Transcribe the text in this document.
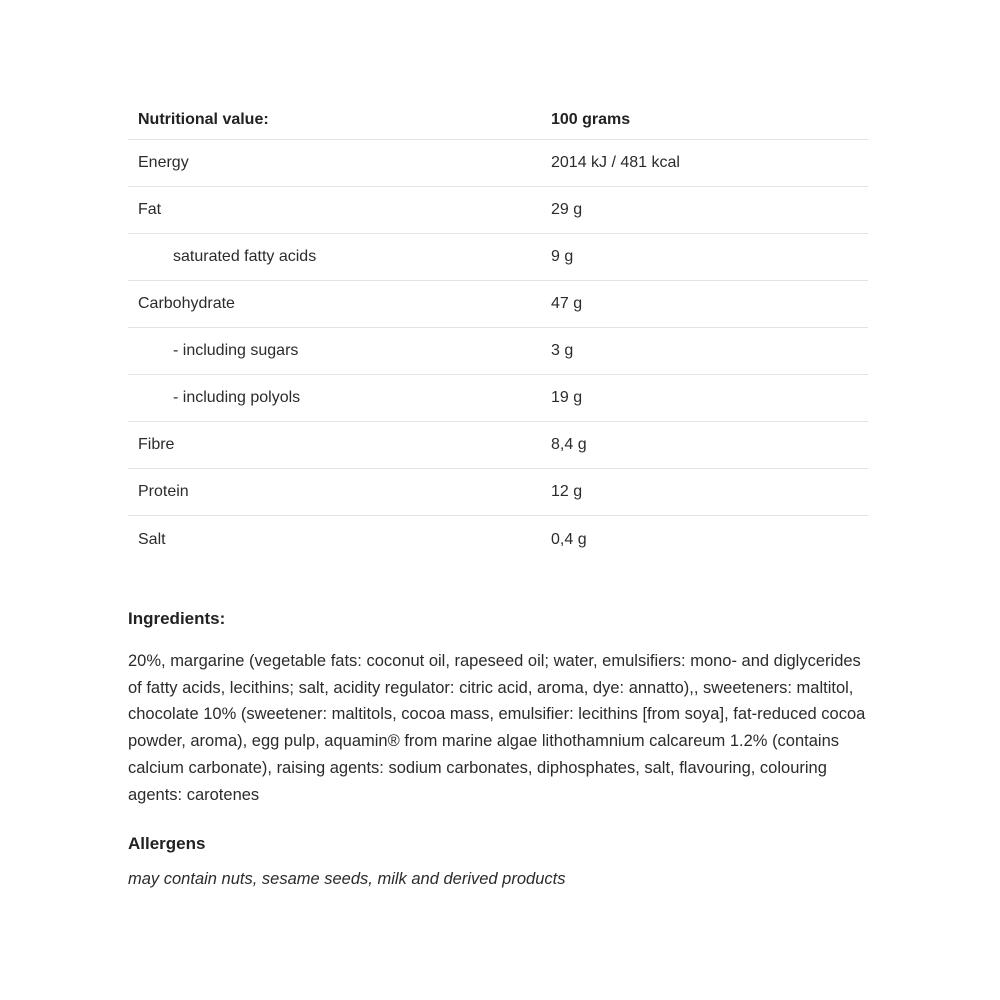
Nutritional value:	100 grams
Energy	2014 kJ / 481 kcal
Fat	29 g
saturated fatty acids	9 g
Carbohydrate	47 g
- including sugars	3 g
- including polyols	19 g
Fibre	8,4 g
Protein	12 g
Salt	0,4 g
Ingredients:
20%, margarine (vegetable fats: coconut oil, rapeseed oil; water, emulsifiers: mono- and diglycerides of fatty acids, lecithins; salt, acidity regulator: citric acid, aroma, dye: annatto),, sweeteners: maltitol, chocolate 10% (sweetener: maltitols, cocoa mass, emulsifier: lecithins [from soya], fat-reduced cocoa powder, aroma), egg pulp, aquamin® from marine algae lithothamnium calcareum 1.2% (contains calcium carbonate), raising agents: sodium carbonates, diphosphates, salt, flavouring, colouring agents: carotenes
Allergens
may contain nuts, sesame seeds, milk and derived products
